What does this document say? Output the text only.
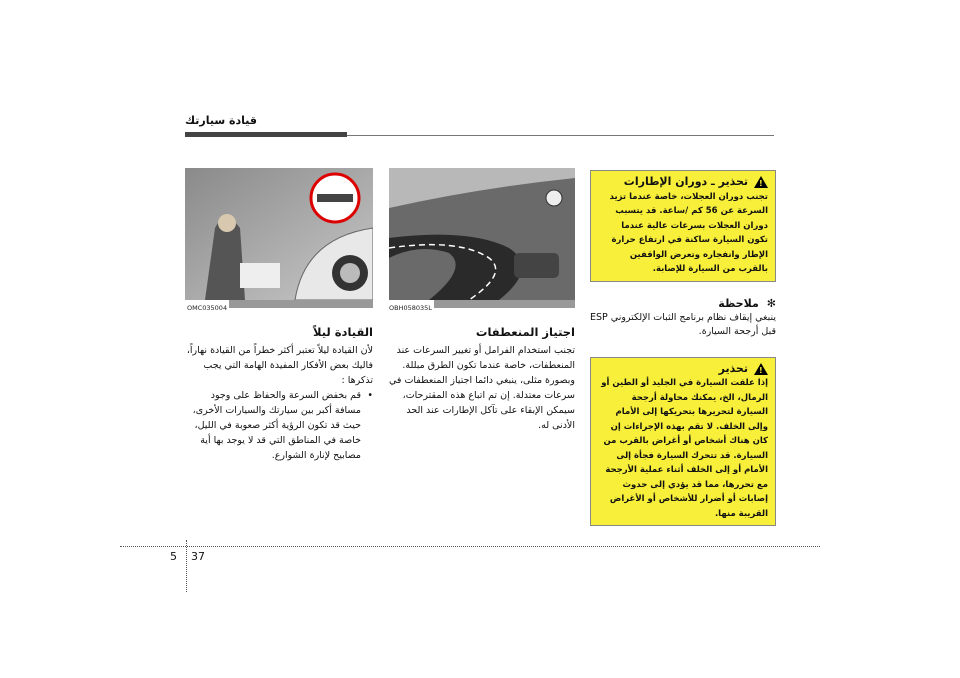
قيادة سيارتك
OMC035004
القيادة ليلاً

لأن القيادة ليلاً تعتبر أكثر خطراً من القيادة نهاراً، فاليك بعض الأفكار المفيدة الهامة التي يجب تذكرها :

• قم بخفض السرعة والحفاظ على وجود مسافة أكبر بين سيارتك والسيارات الأخرى، حيث قد تكون الرؤية أكثر صعوبة في الليل، خاصة في المناطق التي قد لا يوجد بها أية مصابيح لإنارة الشوارع.
OBH058035L
اجتياز المنعطفات

تجنب استخدام الفرامل أو تغيير السرعات عند المنعطفات، خاصة عندما تكون الطرق مبللة. وبصورة مثلى، ينبغي دائما اجتياز المنعطفات في سرعات معتدلة. إن تم اتباع هذه المقترحات، سيمكن الإبقاء على تآكل الإطارات عند الحد الأدنى له.

!
تحذير ـ دوران الإطارات

تجنب دوران العجلات، خاصة عندما تزيد السرعة عن 56 كم /ساعة. قد يتسبب دوران العجلات بسرعات عالية عندما تكون السيارة ساكنة في ارتفاع حرارة الإطار وانفجاره وتعرض الواقفين بالقرب من السيارة للإصابة.

✻
ملاحظة

ينبغي إيقاف نظام برنامج الثبات الإلكتروني ESP قبل أرجحة السيارة.

!
تحذير

إذا علقت السيارة في الجليد أو الطين أو الرمال، الخ، يمكنك محاولة أرجحة السيارة لتحريرها بتحريكها إلى الأمام وإلى الخلف. لا تقم بهذه الإجراءات إن كان هناك أشخاص أو أغراض بالقرب من السيارة. قد تتحرك السيارة فجأة إلى الأمام أو إلى الخلف أثناء عملية الأرجحة مع تحررها، مما قد يؤدي إلى حدوث إصابات أو أضرار للأشخاص أو الأغراض القريبة منها.

5 37
